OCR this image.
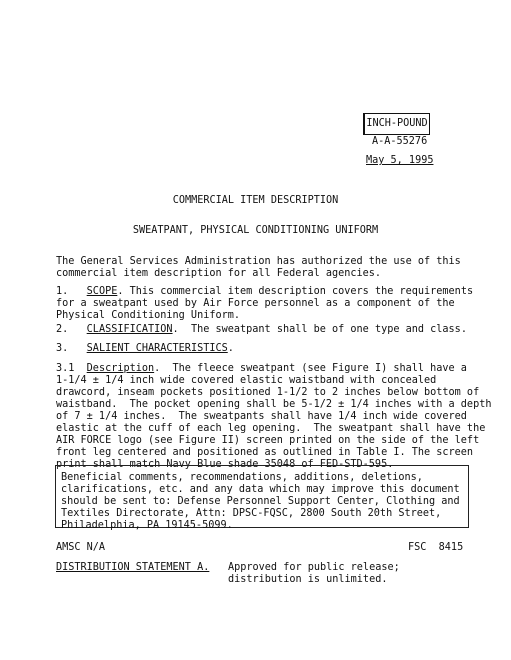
INCH-POUND
A-A-55276
May 5, 1995
COMMERCIAL ITEM DESCRIPTION
SWEATPANT, PHYSICAL CONDITIONING UNIFORM
The General Services Administration has authorized the use of this
commercial item description for all Federal agencies.
1.   SCOPE. This commercial item description covers the requirements
for a sweatpant used by Air Force personnel as a component of the
Physical Conditioning Uniform.
2.   CLASSIFICATION.  The sweatpant shall be of one type and class.
3.   SALIENT CHARACTERISTICS.
3.1  Description.  The fleece sweatpant (see Figure I) shall have a
1-1/4 ± 1/4 inch wide covered elastic waistband with concealed
drawcord, inseam pockets positioned 1-1/2 to 2 inches below bottom of
waistband.  The pocket opening shall be 5-1/2 ± 1/4 inches with a depth
of 7 ± 1/4 inches.  The sweatpants shall have 1/4 inch wide covered
elastic at the cuff of each leg opening.  The sweatpant shall have the
AIR FORCE logo (see Figure II) screen printed on the side of the left
front leg centered and positioned as outlined in Table I. The screen
print shall match Navy Blue shade 35048 of FED-STD-595.
Beneficial comments, recommendations, additions, deletions,
clarifications, etc. and any data which may improve this document
should be sent to: Defense Personnel Support Center, Clothing and
Textiles Directorate, Attn: DPSC-FQSC, 2800 South 20th Street,
Philadelphia, PA 19145-5099.
AMSC N/A	FSC  8415
DISTRIBUTION STATEMENT A. Approved for public release;
distribution is unlimited.
